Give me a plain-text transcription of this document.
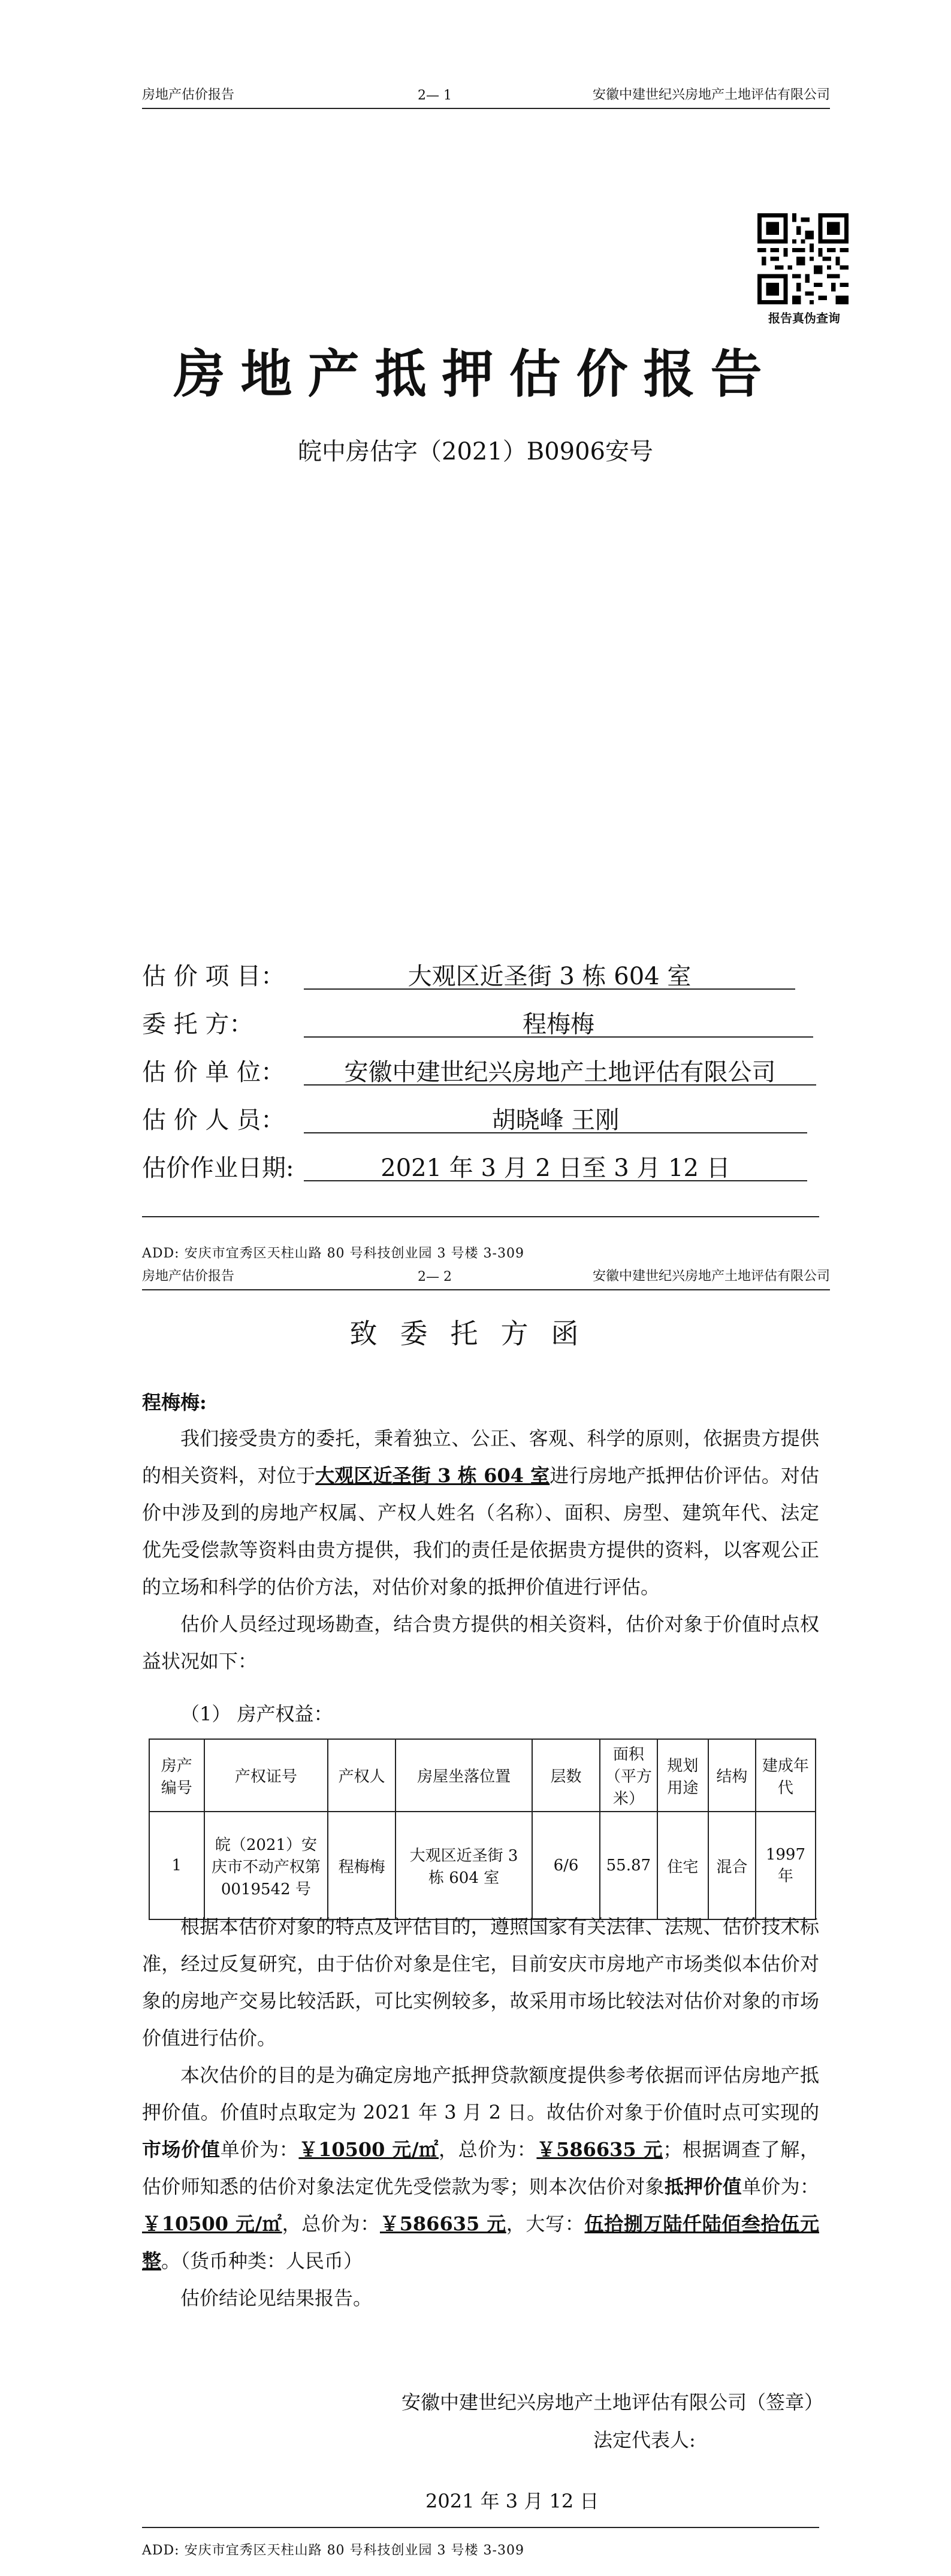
房地产估价报告	2— 1	安徽中建世纪兴房地产土地评估有限公司
报告真伪查询
房地产抵押估价报告
皖中房估字（2021）B0906安号
估 价 项 目：	大观区近圣街 3 栋 604 室
委 托 方：	程梅梅
估 价 单 位：	安徽中建世纪兴房地产土地评估有限公司
估 价 人 员：	胡晓峰 王刚
估价作业日期:	2021 年 3 月 2 日至 3 月 12 日
ADD: 安庆市宜秀区天柱山路 80 号科技创业园 3 号楼 3-309
房地产估价报告	2— 2	安徽中建世纪兴房地产土地评估有限公司
致委托方函
程梅梅:

我们接受贵方的委托，秉着独立、公正、客观、科学的原则，依据贵方提供的相关资料，对位于大观区近圣街 3 栋 604 室进行房地产抵押估价评估。对估价中涉及到的房地产权属、产权人姓名（名称）、面积、房型、建筑年代、法定优先受偿款等资料由贵方提供，我们的责任是依据贵方提供的资料，以客观公正的立场和科学的估价方法，对估价对象的抵押价值进行评估。

估价人员经过现场勘查，结合贵方提供的相关资料，估价对象于价值时点权益状况如下：

（1） 房产权益：

房产编号	产权证号	产权人	房屋坐落位置	层数	面积（平方米）	规划用途	结构	建成年代
1	皖（2021）安庆市不动产权第 0019542 号	程梅梅	大观区近圣街 3 栋 604 室	6/6	55.87	住宅	混合	1997 年

根据本估价对象的特点及评估目的，遵照国家有关法律、法规、估价技术标准，经过反复研究，由于估价对象是住宅，目前安庆市房地产市场类似本估价对象的房地产交易比较活跃，可比实例较多，故采用市场比较法对估价对象的市场价值进行估价。

本次估价的目的是为确定房地产抵押贷款额度提供参考依据而评估房地产抵押价值。价值时点取定为 2021 年 3 月 2 日。故估价对象于价值时点可实现的市场价值单价为：￥10500 元/㎡，总价为：￥586635 元；根据调查了解，估价师知悉的估价对象法定优先受偿款为零；则本次估价对象抵押价值单价为：￥10500 元/㎡，总价为：￥586635 元，大写：伍拾捌万陆仟陆佰叁拾伍元整。（货币种类：人民币）

估价结论见结果报告。

安徽中建世纪兴房地产土地评估有限公司（签章）
法定代表人:
2021 年 3 月 12 日
ADD: 安庆市宜秀区天柱山路 80 号科技创业园 3 号楼 3-309
